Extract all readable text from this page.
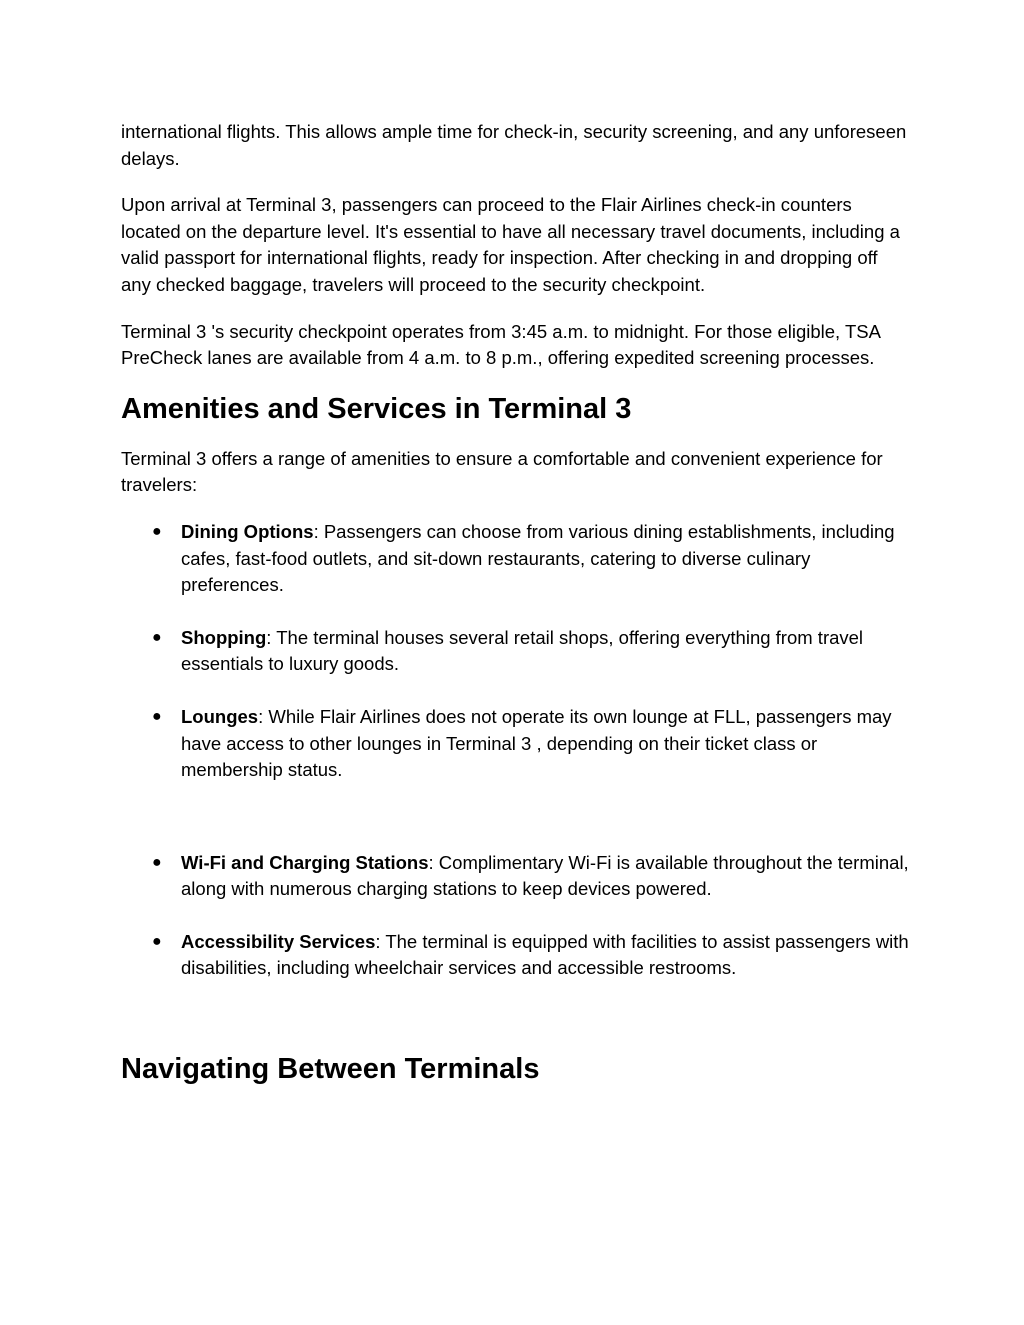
international flights. This allows ample time for check-in, security screening, and any unforeseen delays.

Upon arrival at Terminal 3, passengers can proceed to the Flair Airlines check-in counters located on the departure level. It's essential to have all necessary travel documents, including a valid passport for international flights, ready for inspection. After checking in and dropping off any checked baggage, travelers will proceed to the security checkpoint.

Terminal 3 's security checkpoint operates from 3:45 a.m. to midnight. For those eligible, TSA PreCheck lanes are available from 4 a.m. to 8 p.m., offering expedited screening processes.

Amenities and Services in Terminal 3

Terminal 3 offers a range of amenities to ensure a comfortable and convenient experience for travelers:

● Dining Options: Passengers can choose from various dining establishments, including cafes, fast-food outlets, and sit-down restaurants, catering to diverse culinary preferences.
● Shopping: The terminal houses several retail shops, offering everything from travel essentials to luxury goods.
● Lounges: While Flair Airlines does not operate its own lounge at FLL, passengers may have access to other lounges in Terminal 3 , depending on their ticket class or membership status.
● Wi-Fi and Charging Stations: Complimentary Wi-Fi is available throughout the terminal, along with numerous charging stations to keep devices powered.
● Accessibility Services: The terminal is equipped with facilities to assist passengers with disabilities, including wheelchair services and accessible restrooms.
Navigating Between Terminals
